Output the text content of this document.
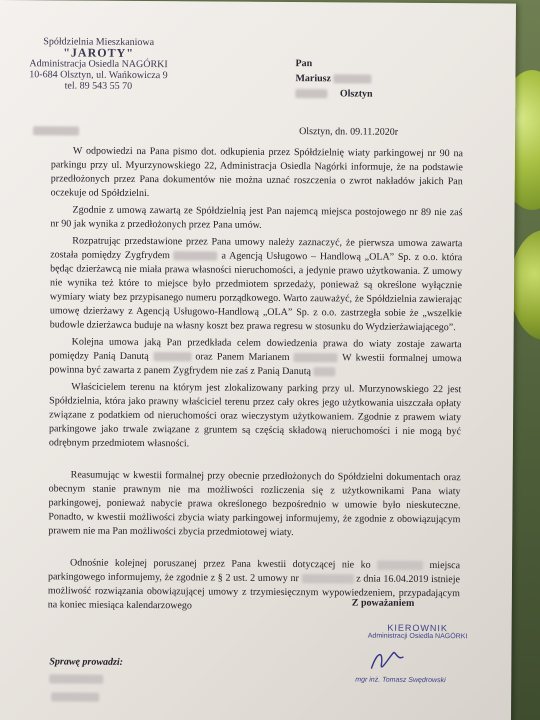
Spółdzielnia Mieszkaniowa
"JAROTY"
Administracja Osiedla NAGÓRKI
10-684 Olsztyn, ul. Wańkowicza 9
tel. 89 543 55 70
Pan
Mariusz
Olsztyn
Olsztyn, dn. 09.11.2020r

W odpowiedzi na Pana pismo dot. odkupienia przez Spółdzielnię wiaty parkingowej nr 90 na parkingu przy ul. Myurzynowskiego 22, Administracja Osiedla Nagórki informuje, że na podstawie przedłożonych przez Pana dokumentów nie można uznać roszczenia o zwrot nakładów jakich Pan oczekuje od Spółdzielni.

Zgodnie z umową zawartą ze Spółdzielnią jest Pan najemcą miejsca postojowego nr 89 nie zaś nr 90 jak wynika z przedłożonych przez Pana umów.

Rozpatrując przedstawione przez Pana umowy należy zaznaczyć, że pierwsza umowa zawarta została pomiędzy Zygfrydem	a Agencją Usługowo – Handlową „OLA” Sp. z o.o. która będąc dzierżawcą nie miała prawa własności nieruchomości, a jedynie prawo użytkowania. Z umowy nie wynika też które to miejsce było przedmiotem sprzedaży, ponieważ są określone wyłącznie wymiary wiaty bez przypisanego numeru porządkowego. Warto zauważyć, że Spółdzielnia zawierając umowę dzierżawy z Agencją Usługowo-Handlową „OLA” Sp. z o.o. zastrzegła sobie że „wszelkie budowle dzierżawca buduje na własny koszt bez prawa regresu w stosunku do Wydzierżawiającego”.

Kolejna umowa jaką Pan przedkłada celem dowiedzenia prawa do wiaty zostaje zawarta pomiędzy Panią Danutą	oraz Panem Marianem	W kwestii formalnej umowa powinna być zawarta z panem Zygfrydem nie zaś z Panią Danutą

Właścicielem terenu na którym jest zlokalizowany parking przy ul. Murzynowskiego 22 jest Spółdzielnia, która jako prawny właściciel terenu przez cały okres jego użytkowania uiszczała opłaty związane z podatkiem od nieruchomości oraz wieczystym użytkowaniem. Zgodnie z prawem wiaty parkingowe jako trwale związane z gruntem są częścią składową nieruchomości i nie mogą być odrębnym przedmiotem własności.

Reasumując w kwestii formalnej przy obecnie przedłożonych do Spółdzielni dokumentach oraz obecnym stanie prawnym nie ma możliwości rozliczenia się z użytkownikami Pana wiaty parkingowej, ponieważ nabycie prawa określonego bezpośrednio w umowie było nieskuteczne. Ponadto, w kwestii możliwości zbycia wiaty parkingowej informujemy, że zgodnie z obowiązującym prawem nie ma Pan możliwości zbycia przedmiotowej wiaty.

Odnośnie kolejnej poruszanej przez Pana kwestii dotyczącej nie ko	miejsca parkingowego informujemy, że zgodnie z § 2 ust. 2 umowy nr	z dnia 16.04.2019 istnieje możliwość rozwiązania obowiązującej umowy z trzymiesięcznym wypowiedzeniem, przypadającym na koniec miesiąca kalendarzowego	Z poważaniem
KIEROWNIK
Administracji Osiedla NAGÓRKI
mgr inż. Tomasz Swędrowski
Sprawę prowadzi:
